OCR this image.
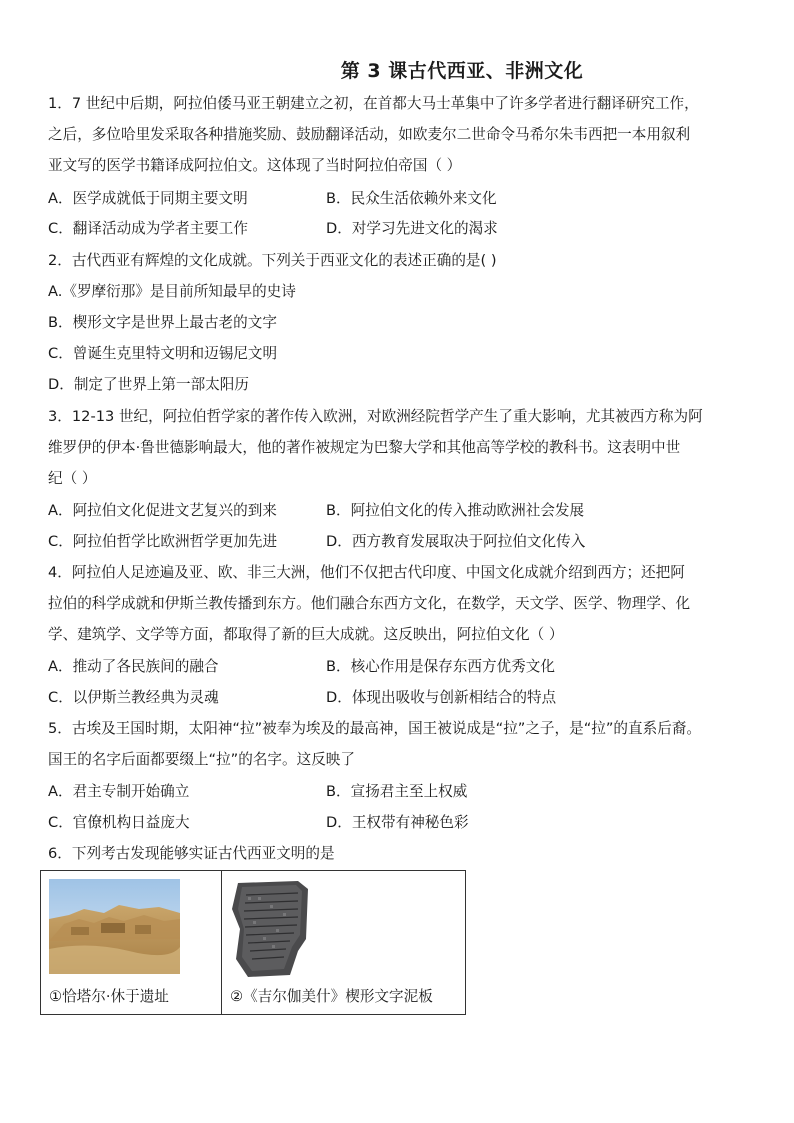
第 3 课古代西亚、非洲文化
1．7 世纪中后期，阿拉伯倭马亚王朝建立之初，在首都大马士革集中了许多学者进行翻译研究工作，
之后，多位哈里发采取各种措施奖励、鼓励翻译活动，如欧麦尔二世命令马希尔朱韦西把一本用叙利
亚文写的医学书籍译成阿拉伯文。这体现了当时阿拉伯帝国（ ）
A．医学成就低于同期主要文明	B．民众生活依赖外来文化
C．翻译活动成为学者主要工作	D．对学习先进文化的渴求
2．古代西亚有辉煌的文化成就。下列关于西亚文化的表述正确的是( )
A.《罗摩衍那》是目前所知最早的史诗
B．楔形文字是世界上最古老的文字
C．曾诞生克里特文明和迈锡尼文明
D．制定了世界上第一部太阳历
3．12-13 世纪，阿拉伯哲学家的著作传入欧洲，对欧洲经院哲学产生了重大影响，尤其被西方称为阿
维罗伊的伊本·鲁世德影响最大，他的著作被规定为巴黎大学和其他高等学校的教科书。这表明中世
纪（ ）
A．阿拉伯文化促进文艺复兴的到来	B．阿拉伯文化的传入推动欧洲社会发展
C．阿拉伯哲学比欧洲哲学更加先进	D．西方教育发展取决于阿拉伯文化传入
4．阿拉伯人足迹遍及亚、欧、非三大洲，他们不仅把古代印度、中国文化成就介绍到西方；还把阿
拉伯的科学成就和伊斯兰教传播到东方。他们融合东西方文化，在数学，天文学、医学、物理学、化
学、建筑学、文学等方面，都取得了新的巨大成就。这反映出，阿拉伯文化（ ）
A．推动了各民族间的融合	B．核心作用是保存东西方优秀文化
C．以伊斯兰教经典为灵魂	D．体现出吸收与创新相结合的特点
5．古埃及王国时期，太阳神“拉”被奉为埃及的最高神，国王被说成是“拉”之子，是“拉”的直系后裔。
国王的名字后面都要缀上“拉”的名字。这反映了
A．君主专制开始确立	B．宣扬君主至上权威
C．官僚机构日益庞大	D．王权带有神秘色彩
6．下列考古发现能够实证古代西亚文明的是
①恰塔尔·休于遗址	②《吉尔伽美什》楔形文字泥板
